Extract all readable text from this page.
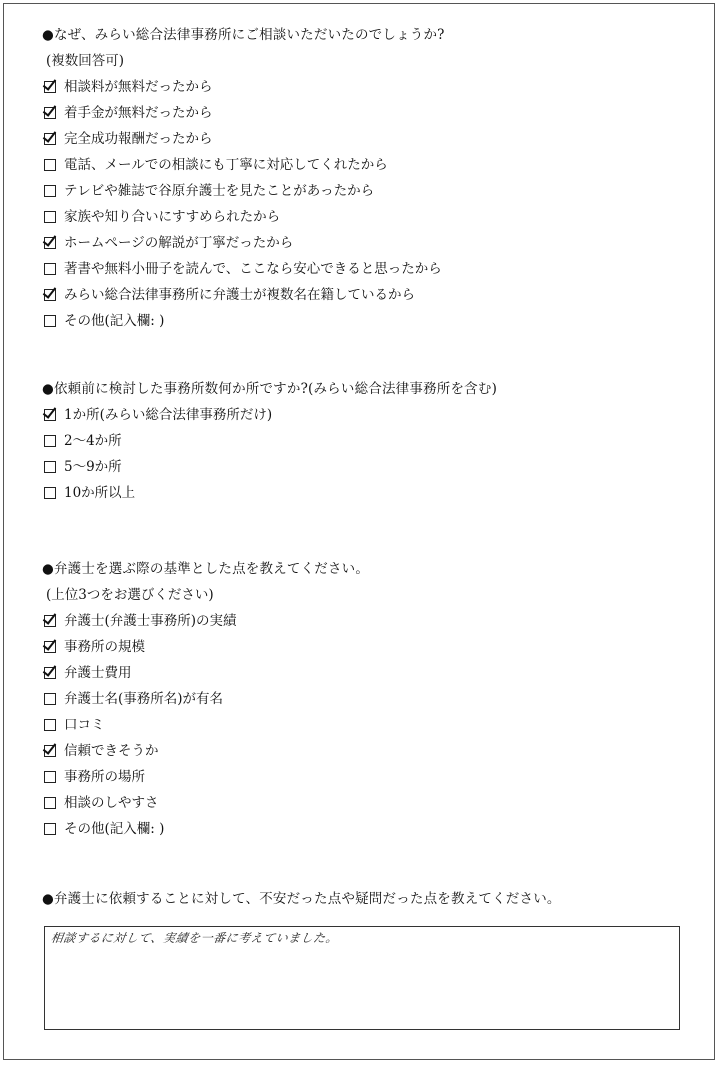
●なぜ、みらい総合法律事務所にご相談いただいたのでしょうか?
(複数回答可)
相談料が無料だったから
着手金が無料だったから
完全成功報酬だったから
電話、メールでの相談にも丁寧に対応してくれたから
テレビや雑誌で谷原弁護士を見たことがあったから
家族や知り合いにすすめられたから
ホームページの解説が丁寧だったから
著書や無料小冊子を読んで、ここなら安心できると思ったから
みらい総合法律事務所に弁護士が複数名在籍しているから
その他(記入欄: )
●依頼前に検討した事務所数何か所ですか?(みらい総合法律事務所を含む)
1か所(みらい総合法律事務所だけ)
2～4か所
5～9か所
10か所以上
●弁護士を選ぶ際の基準とした点を教えてください。
(上位3つをお選びください)
弁護士(弁護士事務所)の実績
事務所の規模
弁護士費用
弁護士名(事務所名)が有名
口コミ
信頼できそうか
事務所の場所
相談のしやすさ
その他(記入欄: )
●弁護士に依頼することに対して、不安だった点や疑問だった点を教えてください。
相談するに対して、実績を一番に考えていました。
